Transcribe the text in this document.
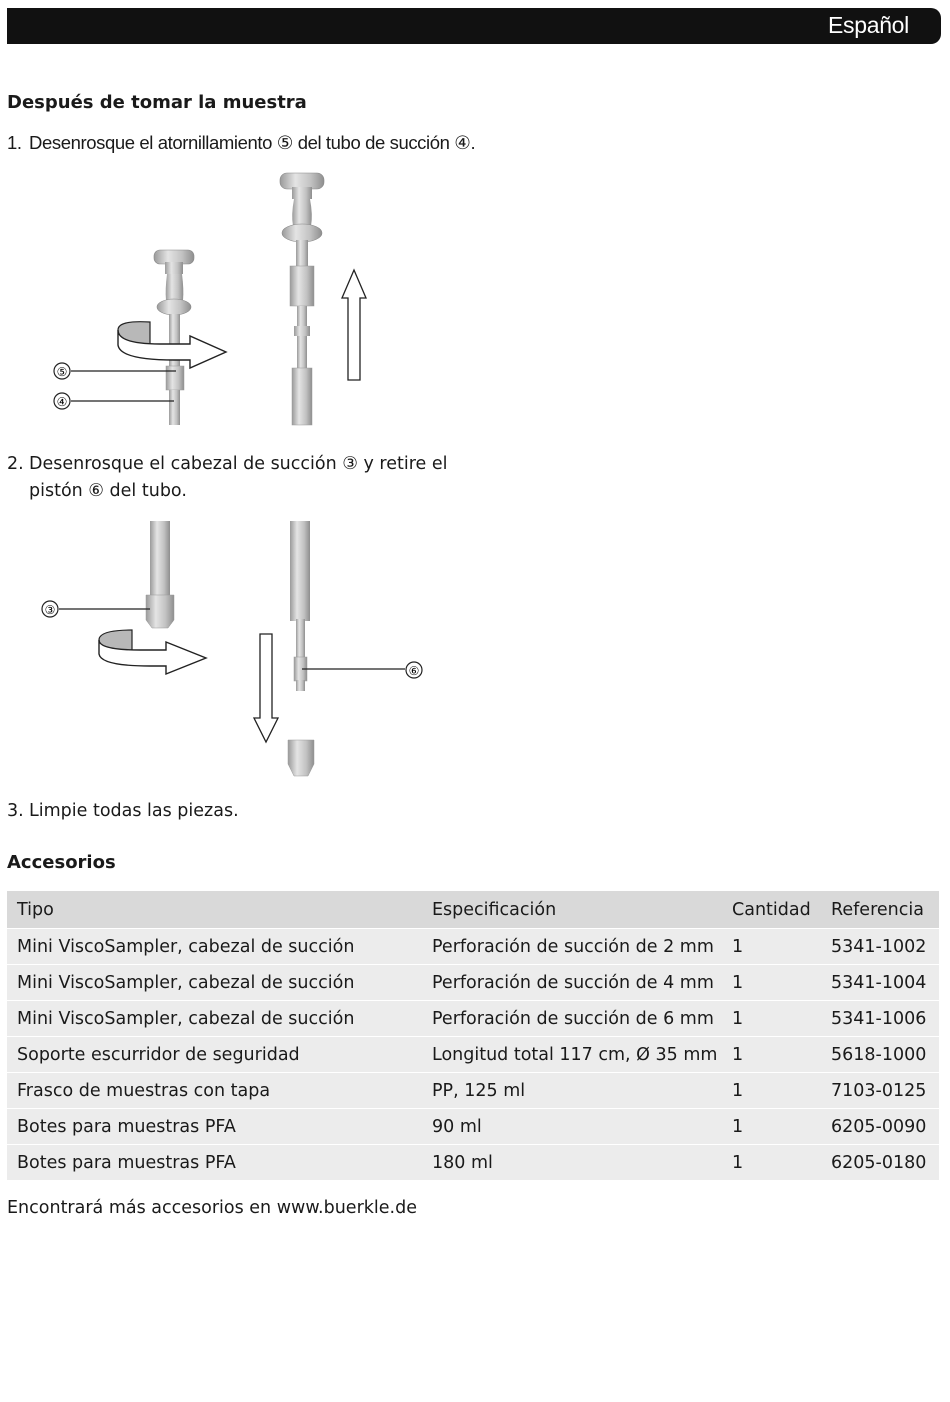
Español
Después de tomar la muestra
1. Desenrosque el atornillamiento ⑤ del tubo de succión ④.
⑤
④
2. Desenrosque el cabezal de succión ③ y retire el
pistón ⑥ del tubo.
③
⑥
3. Limpie todas las piezas.
Accesorios
Tipo	Especificación	Cantidad	Referencia
Mini ViscoSampler, cabezal de succión	Perforación de succión de 2 mm	1	5341-1002
Mini ViscoSampler, cabezal de succión	Perforación de succión de 4 mm	1	5341-1004
Mini ViscoSampler, cabezal de succión	Perforación de succión de 6 mm	1	5341-1006
Soporte escurridor de seguridad	Longitud total 117 cm, Ø 35 mm	1	5618-1000
Frasco de muestras con tapa	PP, 125 ml	1	7103-0125
Botes para muestras PFA	90 ml	1	6205-0090
Botes para muestras PFA	180 ml	1	6205-0180
Encontrará más accesorios en www.buerkle.de
